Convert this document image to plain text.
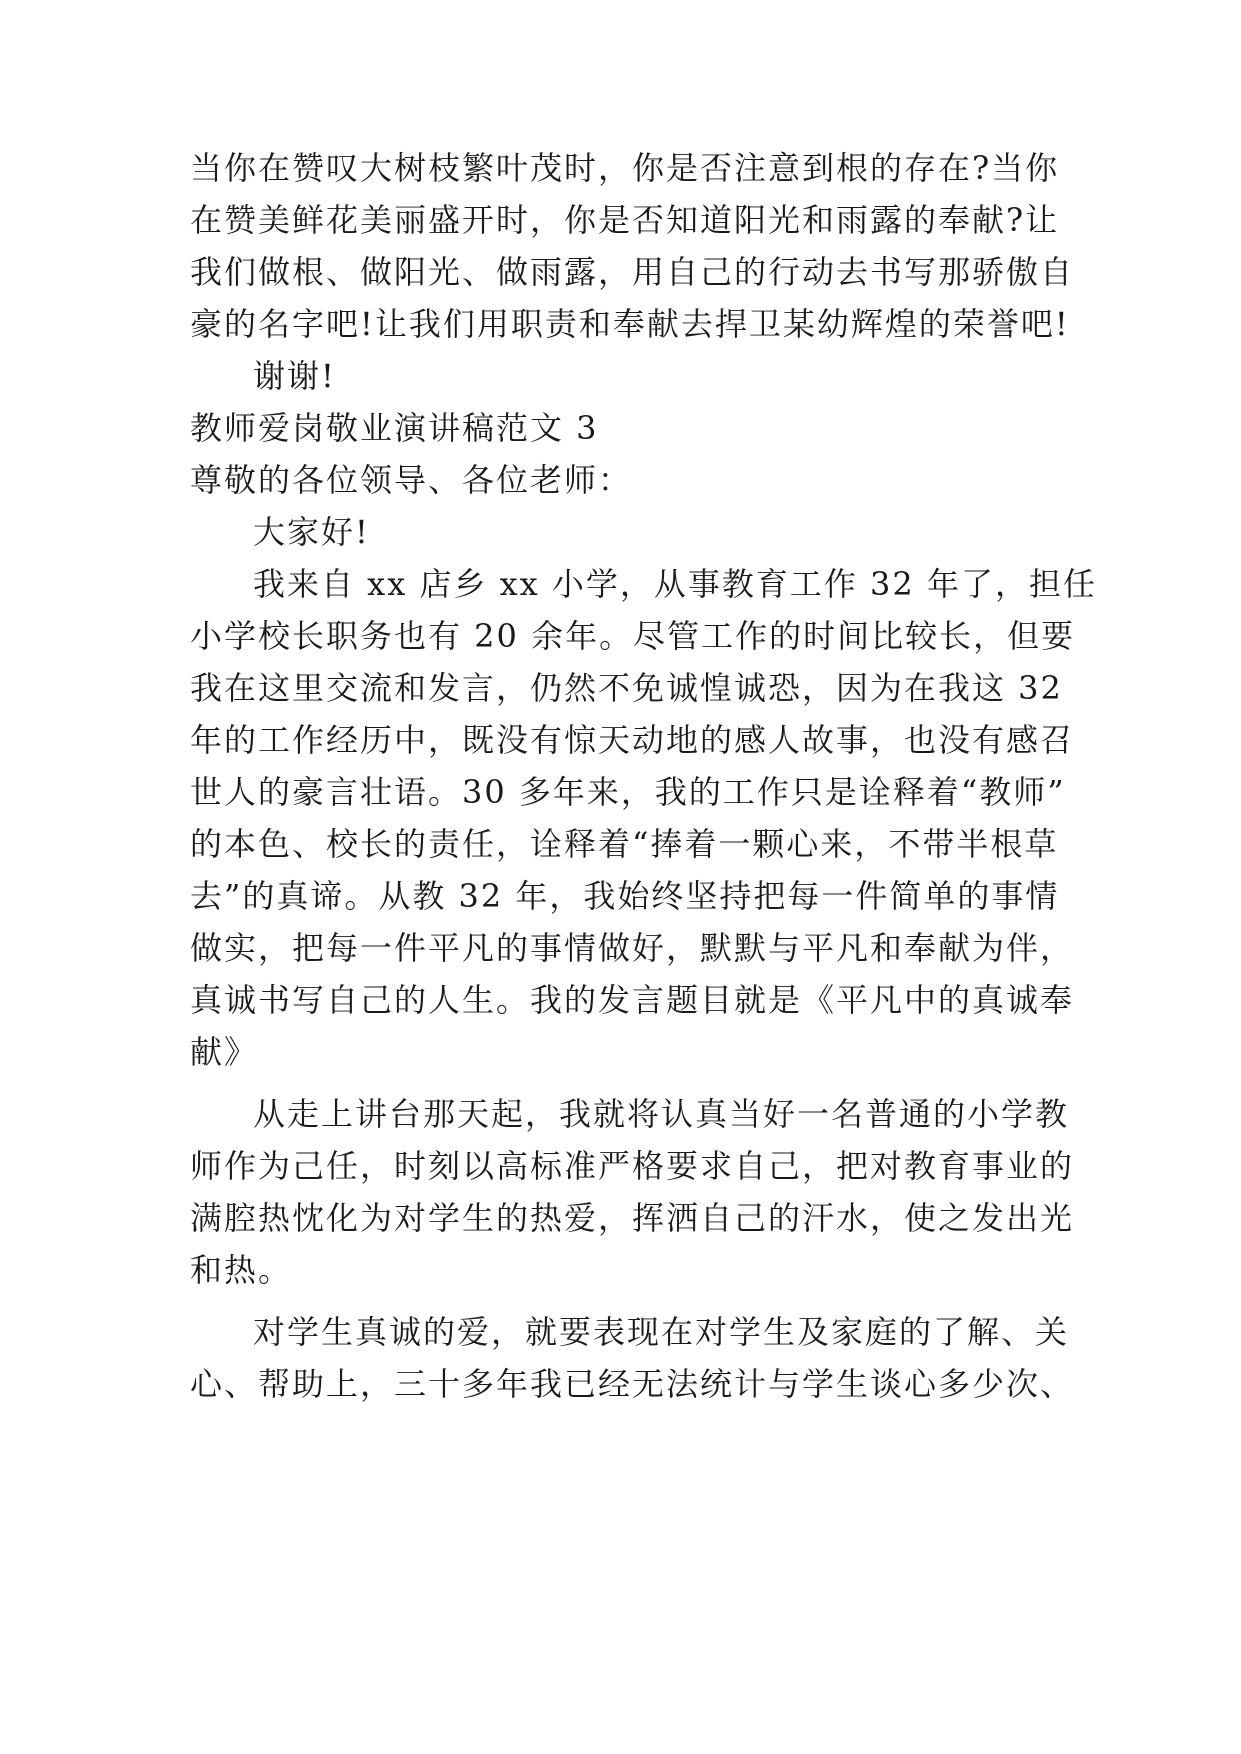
当你在赞叹大树枝繁叶茂时，你是否注意到根的存在?当你
在赞美鲜花美丽盛开时，你是否知道阳光和雨露的奉献?让
我们做根、做阳光、做雨露，用自己的行动去书写那骄傲自
豪的名字吧!让我们用职责和奉献去捍卫某幼辉煌的荣誉吧!
谢谢!
教师爱岗敬业演讲稿范文 3
尊敬的各位领导、各位老师：
大家好!
我来自 xx 店乡 xx 小学，从事教育工作 32 年了，担任
小学校长职务也有 20 余年。尽管工作的时间比较长，但要
我在这里交流和发言，仍然不免诚惶诚恐，因为在我这 32
年的工作经历中，既没有惊天动地的感人故事，也没有感召
世人的豪言壮语。30 多年来，我的工作只是诠释着“教师”
的本色、校长的责任，诠释着“捧着一颗心来，不带半根草
去”的真谛。从教 32 年，我始终坚持把每一件简单的事情
做实，把每一件平凡的事情做好，默默与平凡和奉献为伴，
真诚书写自己的人生。我的发言题目就是《平凡中的真诚奉
献》
从走上讲台那天起，我就将认真当好一名普通的小学教
师作为己任，时刻以高标准严格要求自己，把对教育事业的
满腔热忱化为对学生的热爱，挥洒自己的汗水，使之发出光
和热。
对学生真诚的爱，就要表现在对学生及家庭的了解、关
心、帮助上，三十多年我已经无法统计与学生谈心多少次、
